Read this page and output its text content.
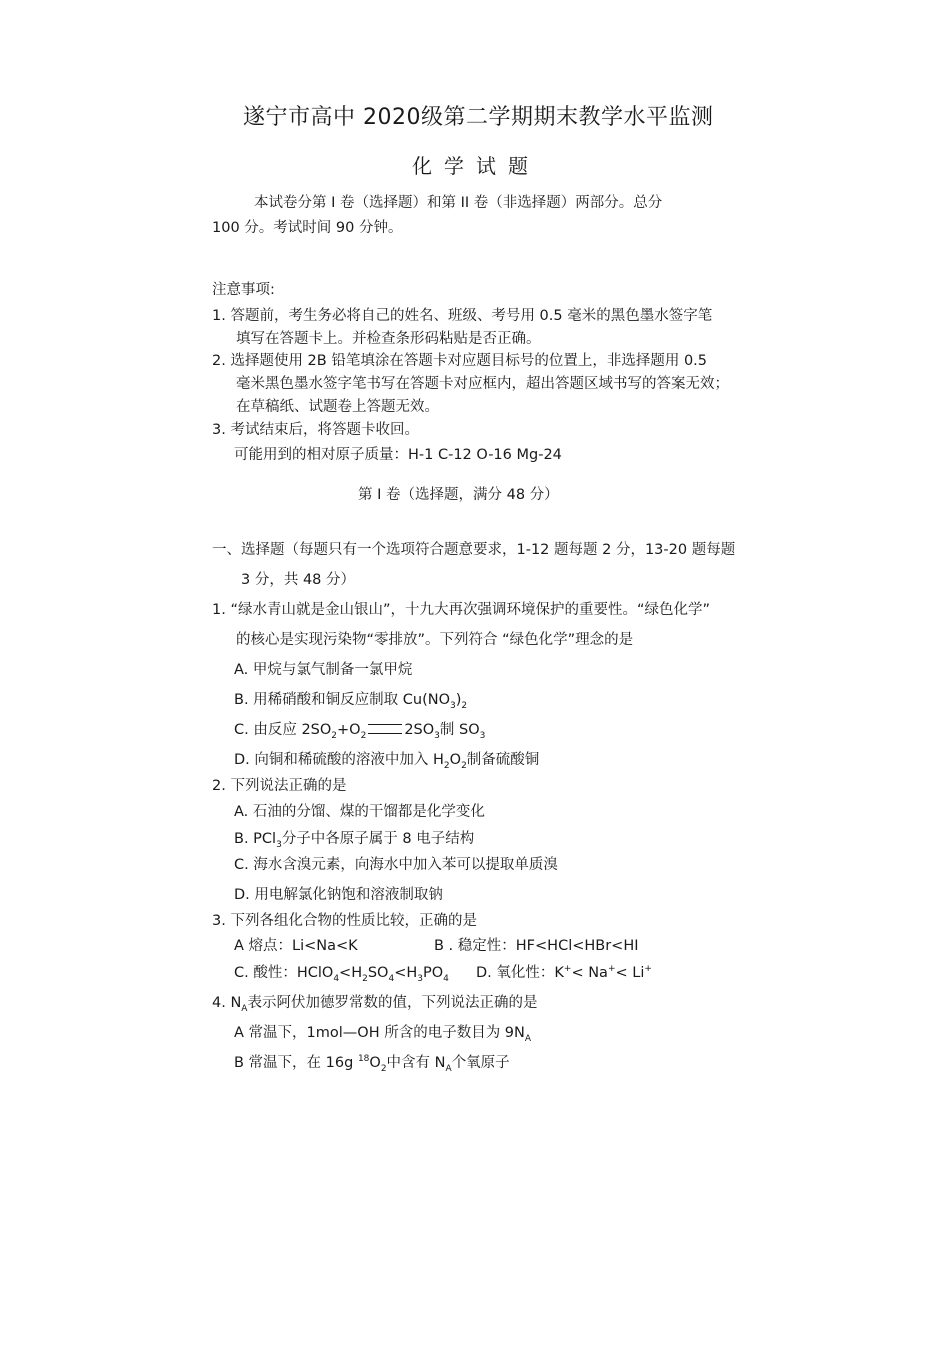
遂宁市高中 2020级第二学期期末教学水平监测
化学试题
本试卷分第 I 卷（选择题）和第 II 卷（非选择题）两部分。总分
100 分。考试时间 90 分钟。
注意事项:
1. 答题前，考生务必将自己的姓名、班级、考号用 0.5 毫米的黑色墨水签字笔
填写在答题卡上。并检查条形码粘贴是否正确。
2. 选择题使用 2B 铅笔填涂在答题卡对应题目标号的位置上，非选择题用 0.5
毫米黑色墨水签字笔书写在答题卡对应框内，超出答题区域书写的答案无效；
在草稿纸、试题卷上答题无效。
3. 考试结束后，将答题卡收回。
可能用到的相对原子质量：H-1 C-12 O-16 Mg-24
第 I 卷（选择题，满分 48 分）
一、选择题（每题只有一个选项符合题意要求，1-12 题每题 2 分，13-20 题每题
3 分，共 48 分）
1. “绿水青山就是金山银山”，十九大再次强调环境保护的重要性。“绿色化学”
的核心是实现污染物“零排放”。下列符合 “绿色化学”理念的是
A. 甲烷与氯气制备一氯甲烷
B. 用稀硝酸和铜反应制取 $Cu(NO_3)_2$
C. 由反应 $2SO_2+O_2$	$2SO_3$制 $SO_3$
D. 向铜和稀硫酸的溶液中加入 $H_2O_2$制备硫酸铜
2. 下列说法正确的是
A. 石油的分馏、煤的干馏都是化学变化
B. PCl$_3$分子中各原子属于 8 电子结构
C. 海水含溴元素，向海水中加入苯可以提取单质溴
D. 用电解氯化钠饱和溶液制取钠
3. 下列各组化合物的性质比较，正确的是
A 熔点：Li<Na<K	B . 稳定性：HF<HCl<HBr<HI
C. 酸性：$HClO_4<H_2SO_4<H_3PO_4$ D. 氧化性：K+< Na+< Li+
4. $N_A$表示阿伏加德罗常数的值，下列说法正确的是
A 常温下，1mol—OH 所含的电子数目为 $9N_A$
B 常温下，在 16g $^{18}O_2$中含有 $N_A$个氧原子
